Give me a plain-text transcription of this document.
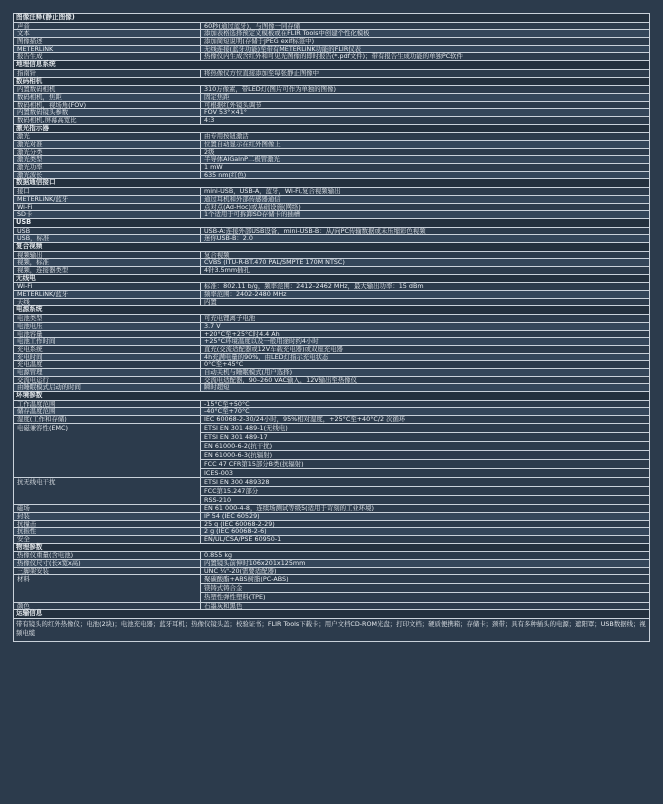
图像注释(静止图像)
声音	60秒(通过蓝牙)，与图像一同存储
文本	添加表格选择预定义模板或在FLIR Tools中创建个性化模板
图像描述	添加简短说明(存储于JPEG exif标签中)
METERLiNK	无线连接(蓝牙功能)至带有METERLiNK功能的FLIR仪表
报告生成	热像仪内生成含红外和可见光图像的即时报告(*.pdf文件)；带有报告生成功能的单独PC软件
地理信息系统
指南针	将热像仪方位直接添加至每张静止图像中
数码相机
内置数码相机	310万像素，带LED灯(图片可作为单独的图像)
数码相机，焦距	固定焦距
数码相机，视场角(FOV)	可根据红外镜头调节
内置数码镜头参数	FOV 53°×41°
数码相机,屏幕高宽比	4:3
激光指示器
激光	由专用按钮激活
激光对准	位置自动显示在红外图像上
激光分类	2级
激光类型	半导体AlGaInP二极管激光
激光功率	1 mW
激光波长	635 nm(红色)
数据通信接口
接口	mini-USB，USB-A，蓝牙，Wi-Fi,复合视频输出
METERLiNK/蓝牙	通过耳机和外部传感器通信
Wi-Fi	点对点(Ad-Hoc)或基础设施(网络)
SD卡	1个适用于可拆卸SD存储卡的插槽
USB
USB	USB-A:连接外部USB设备，mini-USB-B：从/向PC传输数据或未压缩彩色视频
USB，标准	迷你USB-B：2.0
复合视频
视频输出	复合视频
视频，标准	CVBS (ITU-R-BT.470 PAL/SMPTE 170M NTSC)
视频，连接器类型	4针3.5mm插孔
无线电
Wi-Fi	标准：802.11 b/g，频率范围：2412–2462 MHz，最大输出功率：15 dBm
METERLiNK/蓝牙	频率范围：2402-2480 MHz
天线	内置
电源系统
电池类型	可充电锂离子电池
电池电压	3.7 V
电池容量	+20°C至+25°C时4.4 Ah
电池工作时间	+25°C环境温度以及一般用途时约4小时
充电系统	直充(交流适配器或12V车载充电器)或双座充电器
充电时间	4h充满电量的90%，由LED灯指示充电状态
充电温度	0°C至+45°C
电源管理	自动关机与睡眠模式(用户选择)
交流电运行	交流电适配器，90–260 VAC输入，12V输出至热像仪
由睡眠模式启动的时间	瞬时超短
环境参数
工作温度范围	-15°C至+50°C
储存温度范围	-40°C至+70°C
湿度(工作和存储)	IEC 60068-2-30/24小时，95%相对湿度，+25°C至+40°C/2 次循环
电磁兼容性(EMC)	ETSI EN 301 489-1(无线电)
ETSI EN 301 489-17
EN 61000-6-2(抗干扰)
EN 61000-6-3(抗辐射)
FCC 47 CFR第15部分B类(抗辐射)
ICES-003
抗无线电干扰	ETSI EN 300 489328
FCC第15.247部分
RSS-210
磁场	EN 61 000-4-8，连续场测试等级5(适用于苛刻的工业环境)
封装	IP 54 (IEC 60529)
抗撞击	25 g (IEC 60068-2-29)
抗振性	2 g (IEC 60068-2-6)
安全	EN/UL/CSA/PSE 60950-1
物理参数
热像仪重量(含电池)	0.855 kg
热像仪尺寸(长x宽x高)	内置镜头前伸时106x201x125mm
三脚架安装	UNC ¼"-20(需要适配器)
材料	聚碳酸酯+ABS树脂(PC-ABS)
镁铸式铸合金
热塑性弹性塑料(TPE)
颜色	石墨灰和黑色
运输信息
带有镜头的红外热像仪；电池(2块)；电池充电器；蓝牙耳机；热像仪镜头盖；校验证书；FLIR Tools下载卡；用户文档CD-ROM光盘；打印文档；硬质便携箱；存储卡；颈带；具有多种插头的电源；遮阳罩；USB数据线；视频电缆
